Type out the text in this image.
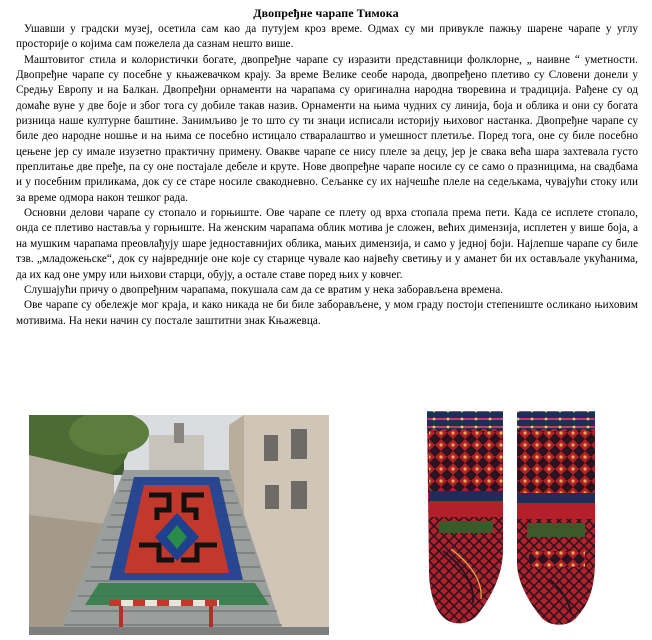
Двопређне чарапе Тимока

Ушавши у градски музеј, осетила сам као да путујем кроз време. Одмах су ми привукле пажњу шарене чарапе у углу просторије о којима сам пожелела да сазнам нешто више.

Маштовитог стила и колористички богате, двопређне чарапе су изразити представници фолклорне, „ наивне “ уметности. Двопређне чарапе су посебне у књажевачком крају. За време Велике сеобе народа, двопређено плетиво су Словени донели у Средњу Европу и на Балкан. Двопређни орнаменти на чарапама су оригинална народна творевина и традиција. Рађене су од домаће вуне у две боје и због тога су добиле такав назив. Орнаменти на њима чудних су линија, боја и облика и они су богата ризница наше културне баштине. Занимљиво је то што су ти знаци исписали историју њиховог настанка. Двопређне чарапе су биле део народне ношње и на њима се посебно истицало стваралаштво и умешност плетиље. Поред тога, оне су биле посебно цењене јер су имале изузетно практичну примену. Овакве чарапе се нису плеле за децу, јер је свака већа шара захтевала густо преплитање две пређе, па су оне постајале дебеле и круте. Нове двопређне чарапе носиле су се само о празницима, на свадбама и у посебним приликама, док су се старе носиле свакодневно. Сељанке су их најчешће плеле на седељкама, чувајући стоку или за време одмора након тешког рада.

Основни делови чарапе су стопало и горњиште. Ове чарапе се плету од врха стопала према пети. Када се исплете стопало, онда се плетиво наставља у горњиште. На женским чарапама облик мотива је сложен, већих димензија, исплетен у више боја, а на мушким чарапама преовлађују шаре једноставнијих облика, мањих димензија, и само у једној боји. Најлепше чарапе су биле тзв. „младожењске“, док су највредније оне које су старице чувале као највећу светињу и у аманет би их остављале укућанима, да их кад оне умру или њихови старци, обују, а остале ставе поред њих у ковчег.

Слушајући причу о двопређним чарапама, покушала сам да се вратим у нека заборављена времена.

Ове чарапе су обележје мог краја, и како никада не би биле заборављене, у мом граду постоји степениште осликано њиховим мотивима. На неки начин су постале заштитни знак Књажевца.
